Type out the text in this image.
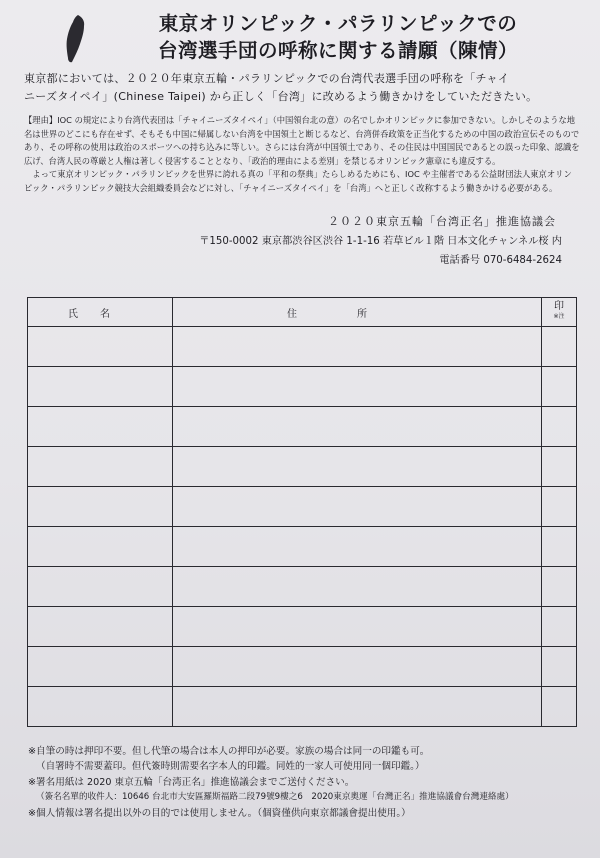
東京オリンピック・パラリンピックでの
台湾選手団の呼称に関する請願（陳情）
東京都においては、２０２０年東京五輪・パラリンピックでの台湾代表選手団の呼称を「チャイ
ニーズタイペイ」(Chinese Taipei) から正しく「台湾」に改めるよう働きかけをしていただきたい。

【理由】IOC の規定により台湾代表団は「チャイニーズタイペイ」（中国領台北の意）の名でしかオリンピックに参加できない。しかしそのような地名は世界のどこにも存在せず、そもそも中国に帰属しない台湾を中国領土と断じるなど、台湾併呑政策を正当化するための中国の政治宣伝そのものであり、その呼称の使用は政治のスポーツへの持ち込みに等しい。さらには台湾が中国領土であり、その住民は中国国民であるとの誤った印象、認識を広げ、台湾人民の尊厳と人権は著しく侵害することとなり、「政治的理由による差別」を禁じるオリンピック憲章にも違反する。

よって東京オリンピック・パラリンピックを世界に誇れる真の「平和の祭典」たらしめるためにも、IOC や主催者である公益財団法人東京オリンピック・パラリンピック競技大会組織委員会などに対し、「チャイニーズタイペイ」を「台湾」へと正しく改称するよう働きかける必要がある。

２０２０東京五輪「台湾正名」推進協議会
〒150-0002 東京都渋谷区渋谷 1-1-16 若草ビル１階 日本文化チャンネル桜 内
電話番号 070-6484-2624
氏名	住所	印
※注

※自筆の時は押印不要。但し代筆の場合は本人の押印が必要。家族の場合は同一の印鑑も可。
（自署時不需要蓋印。但代簽時則需要名字本人的印鑑。同姓的一家人可使用同一個印鑑。）
※署名用紙は 2020 東京五輪「台湾正名」推進協議会までご送付ください。
（簽名名單的收件人：10646 台北市大安區羅斯福路二段79號9樓之6　2020東京奧運「台灣正名」推進協議會台灣連絡處）
※個人情報は署名提出以外の目的では使用しません。（個資僅供向東京都議會提出使用。）
